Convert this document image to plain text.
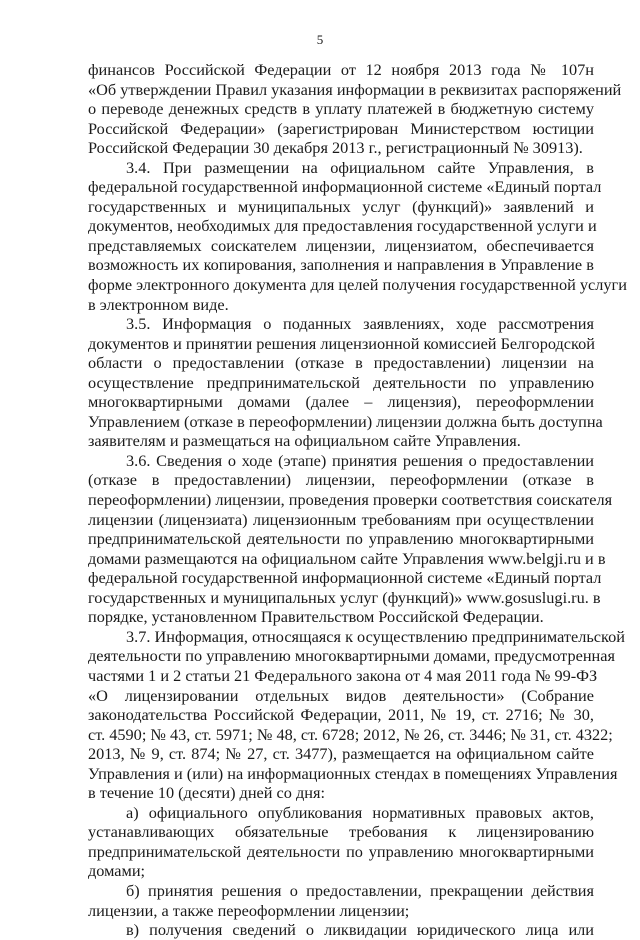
5
финансов Российской Федерации от 12 ноября 2013 года № 107н
«Об утверждении Правил указания информации в реквизитах распоряжений
о переводе денежных средств в уплату платежей в бюджетную систему
Российской Федерации» (зарегистрирован Министерством юстиции
Российской Федерации 30 декабря 2013 г., регистрационный № 30913).
3.4. При размещении на официальном сайте Управления, в
федеральной государственной информационной системе «Единый портал
государственных и муниципальных услуг (функций)» заявлений и
документов, необходимых для предоставления государственной услуги и
представляемых соискателем лицензии, лицензиатом, обеспечивается
возможность их копирования, заполнения и направления в Управление в
форме электронного документа для целей получения государственной услуги
в электронном виде.
3.5. Информация о поданных заявлениях, ходе рассмотрения
документов и принятии решения лицензионной комиссией Белгородской
области о предоставлении (отказе в предоставлении) лицензии на
осуществление предпринимательской деятельности по управлению
многоквартирными домами (далее – лицензия), переоформлении
Управлением (отказе в переоформлении) лицензии должна быть доступна
заявителям и размещаться на официальном сайте Управления.
3.6. Сведения о ходе (этапе) принятия решения о предоставлении
(отказе в предоставлении) лицензии, переоформлении (отказе в
переоформлении) лицензии, проведения проверки соответствия соискателя
лицензии (лицензиата) лицензионным требованиям при осуществлении
предпринимательской деятельности по управлению многоквартирными
домами размещаются на официальном сайте Управления www.belgji.ru и в
федеральной государственной информационной системе «Единый портал
государственных и муниципальных услуг (функций)» www.gosuslugi.ru. в
порядке, установленном Правительством Российской Федерации.
3.7. Информация, относящаяся к осуществлению предпринимательской
деятельности по управлению многоквартирными домами, предусмотренная
частями 1 и 2 статьи 21 Федерального закона от 4 мая 2011 года № 99-ФЗ
«О лицензировании отдельных видов деятельности» (Собрание
законодательства Российской Федерации, 2011, № 19, ст. 2716; № 30,
ст. 4590; № 43, ст. 5971; № 48, ст. 6728; 2012, № 26, ст. 3446; № 31, ст. 4322;
2013, № 9, ст. 874; № 27, ст. 3477), размещается на официальном сайте
Управления и (или) на информационных стендах в помещениях Управления
в течение 10 (десяти) дней со дня:
а) официального опубликования нормативных правовых актов,
устанавливающих обязательные требования к лицензированию
предпринимательской деятельности по управлению многоквартирными
домами;
б) принятия решения о предоставлении, прекращении действия
лицензии, а также переоформлении лицензии;
в) получения сведений о ликвидации юридического лица или
